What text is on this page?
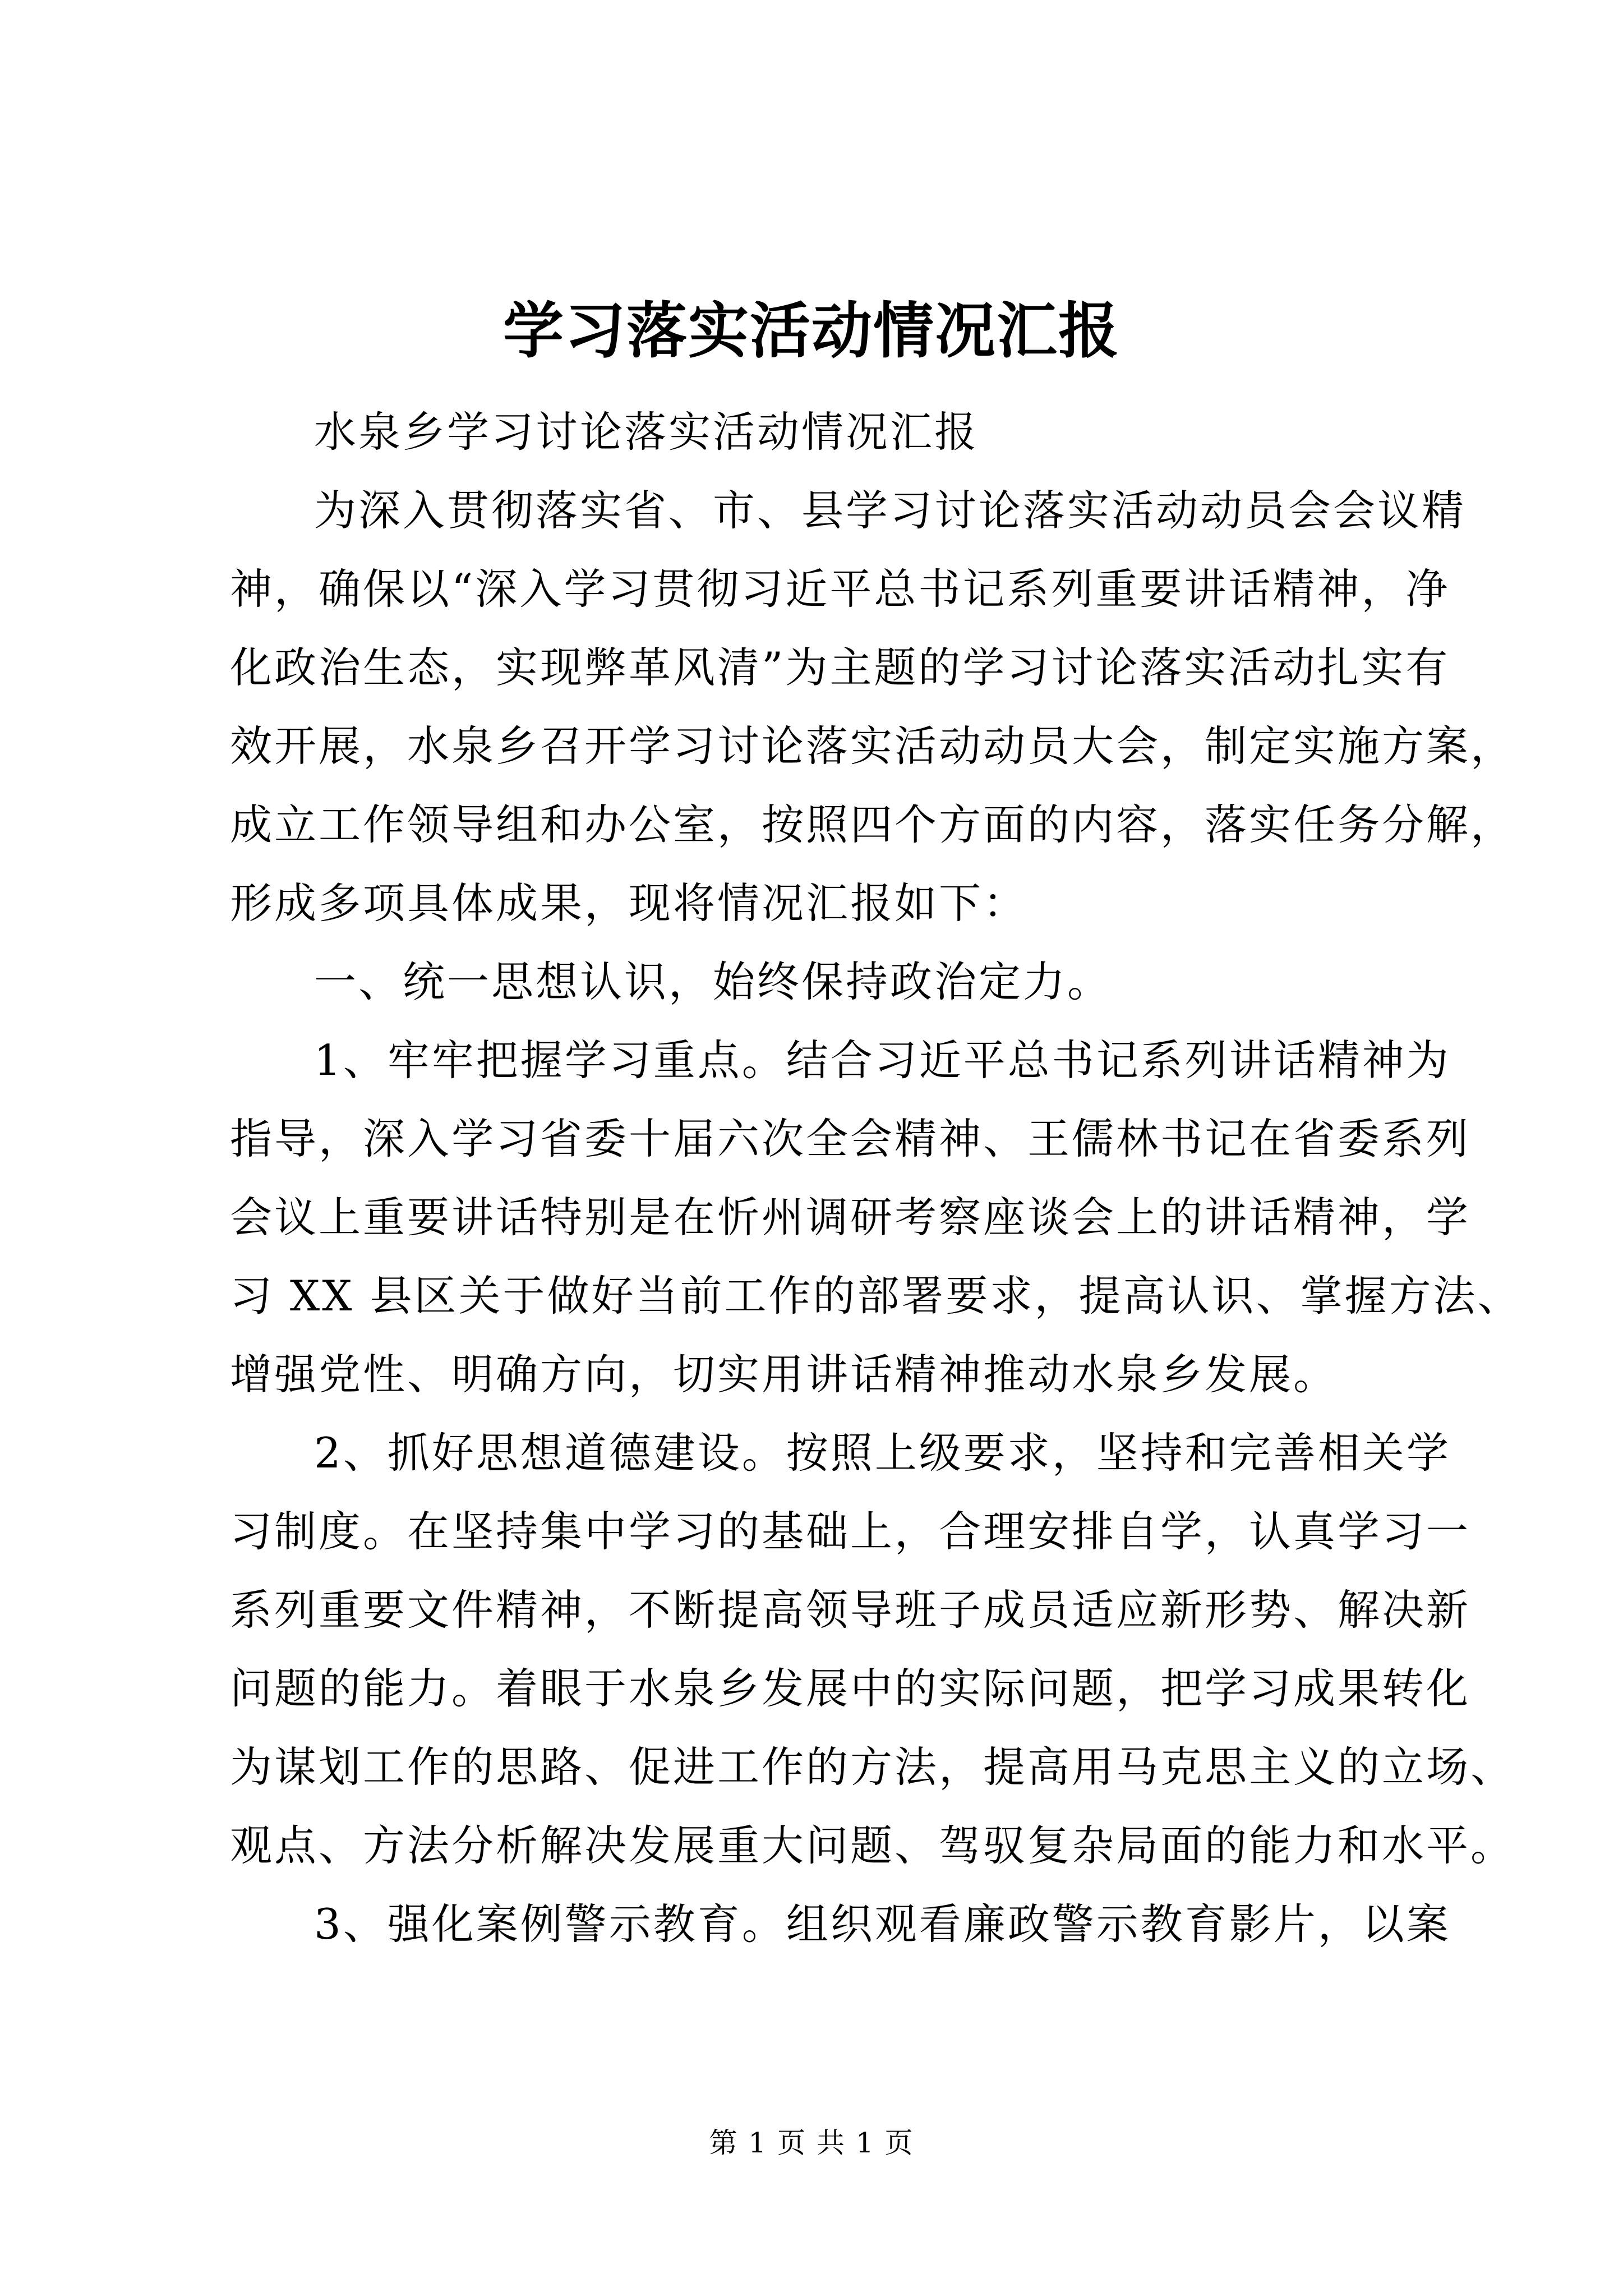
学习落实活动情况汇报
水泉乡学习讨论落实活动情况汇报
为深入贯彻落实省、市、县学习讨论落实活动动员会会议精
神，确保以“深入学习贯彻习近平总书记系列重要讲话精神，净
化政治生态，实现弊革风清”为主题的学习讨论落实活动扎实有
效开展，水泉乡召开学习讨论落实活动动员大会，制定实施方案，
成立工作领导组和办公室，按照四个方面的内容，落实任务分解，
形成多项具体成果，现将情况汇报如下：
一、统一思想认识，始终保持政治定力。
1、牢牢把握学习重点。结合习近平总书记系列讲话精神为
指导，深入学习省委十届六次全会精神、王儒林书记在省委系列
会议上重要讲话特别是在忻州调研考察座谈会上的讲话精神，学
习 XX 县区关于做好当前工作的部署要求，提高认识、掌握方法、
增强党性、明确方向，切实用讲话精神推动水泉乡发展。
2、抓好思想道德建设。按照上级要求，坚持和完善相关学
习制度。在坚持集中学习的基础上，合理安排自学，认真学习一
系列重要文件精神，不断提高领导班子成员适应新形势、解决新
问题的能力。着眼于水泉乡发展中的实际问题，把学习成果转化
为谋划工作的思路、促进工作的方法，提高用马克思主义的立场、
观点、方法分析解决发展重大问题、驾驭复杂局面的能力和水平。
3、强化案例警示教育。组织观看廉政警示教育影片，以案
第 1 页 共 1 页
